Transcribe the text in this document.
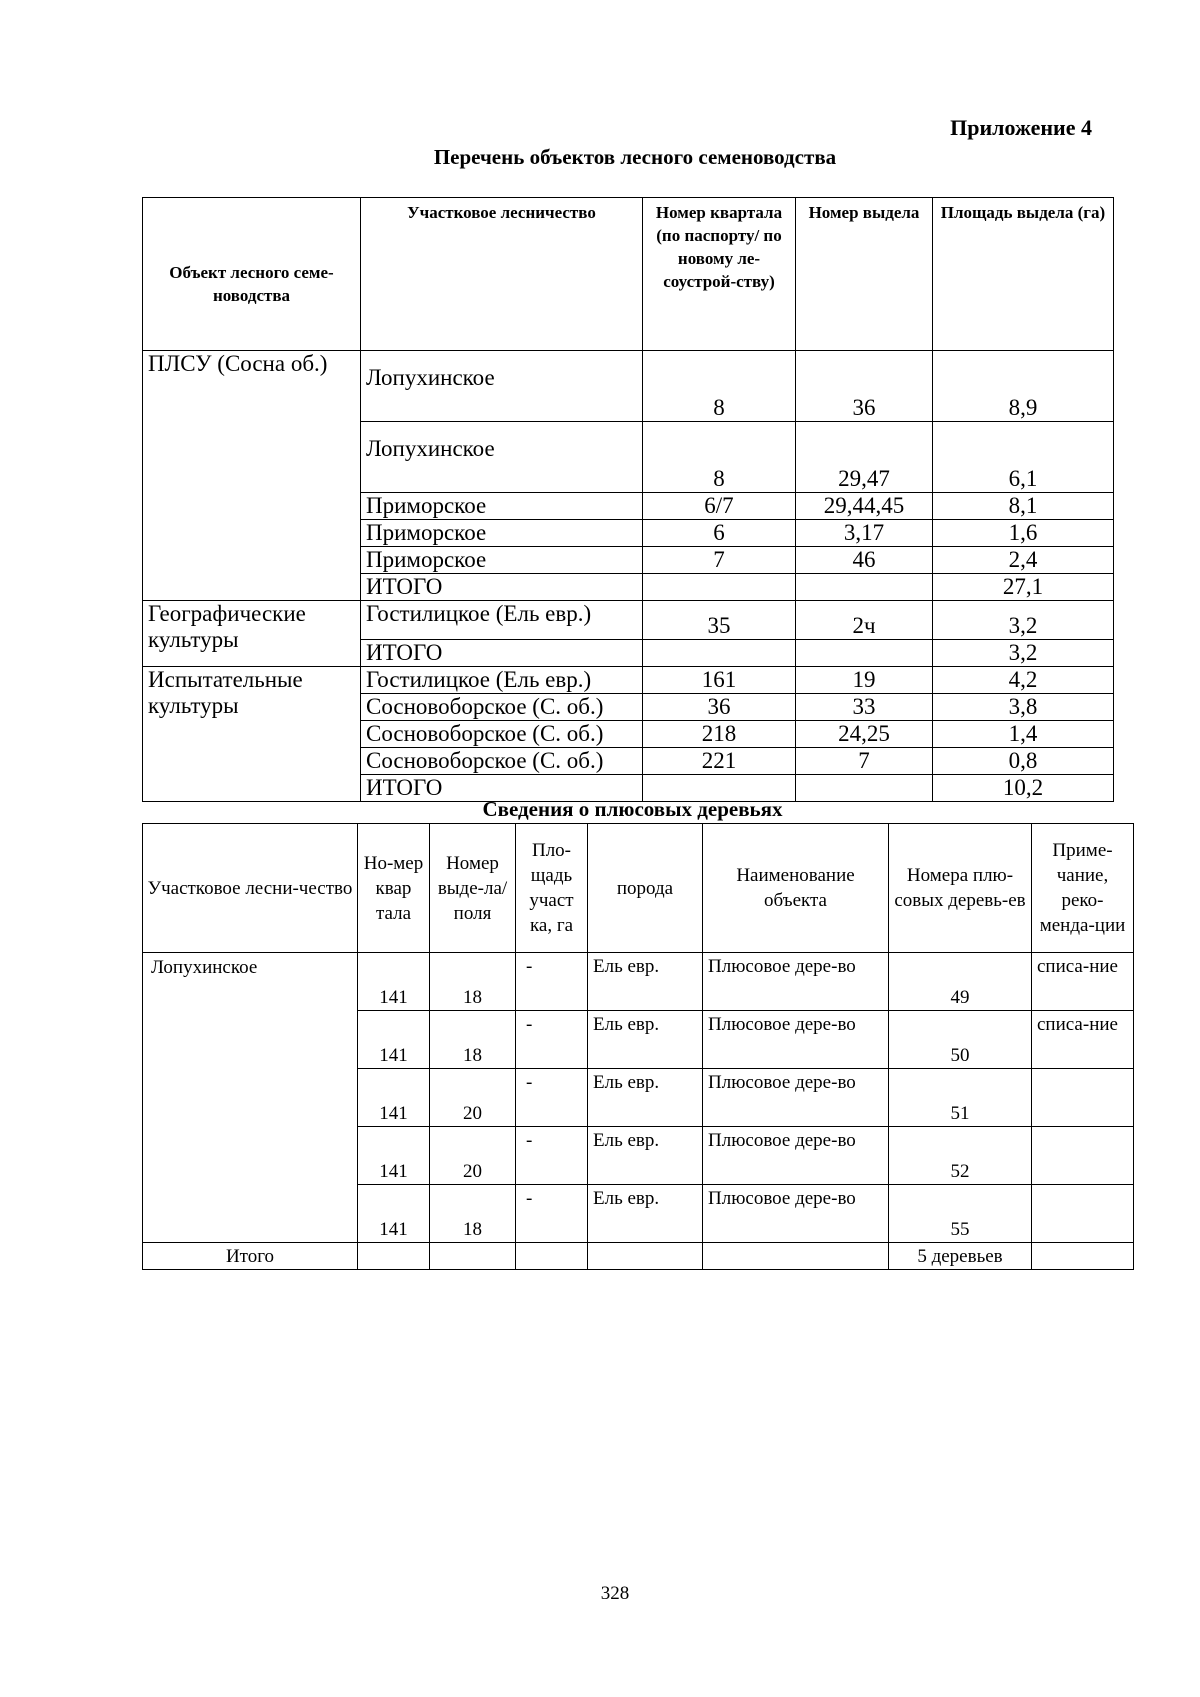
Приложение 4
Перечень объектов лесного семеноводства
Объект лесного семе-новодства	Участковое лесничество	Номер квартала (по паспорту/ по новому ле-соустрой-ству)	Номер выдела	Площадь выдела (га)
ПЛСУ (Сосна об.)	Лопухинское	8	36	8,9
	Лопухинское	8	29,47	6,1
	Приморское	6/7	29,44,45	8,1
	Приморское	6	3,17	1,6
	Приморское	7	46	2,4
	ИТОГО			27,1
Географические культуры	Гостилицкое (Ель евр.)	35	2ч	3,2
	ИТОГО			3,2
Испытательные культуры	Гостилицкое (Ель евр.)	161	19	4,2
	Сосновоборское (С. об.)	36	33	3,8
	Сосновоборское (С. об.)	218	24,25	1,4
	Сосновоборское (С. об.)	221	7	0,8
	ИТОГО			10,2
Сведения о плюсовых деревьях
Участковое лесни-чество	Но-мер квар тала	Номер выде-ла/ поля	Пло-щадь участ ка, га	порода	Наименование объекта	Номера плю-совых деревь-ев	Приме-чание, реко-менда-ции
Лопухинское	141	18	-	Ель евр.	Плюсовое дере-во	49	списа-ние
	141	18	-	Ель евр.	Плюсовое дере-во	50	списа-ние
	141	20	-	Ель евр.	Плюсовое дере-во	51	
	141	20	-	Ель евр.	Плюсовое дере-во	52	
	141	18	-	Ель евр.	Плюсовое дере-во	55	
Итого						5 деревьев	
328
